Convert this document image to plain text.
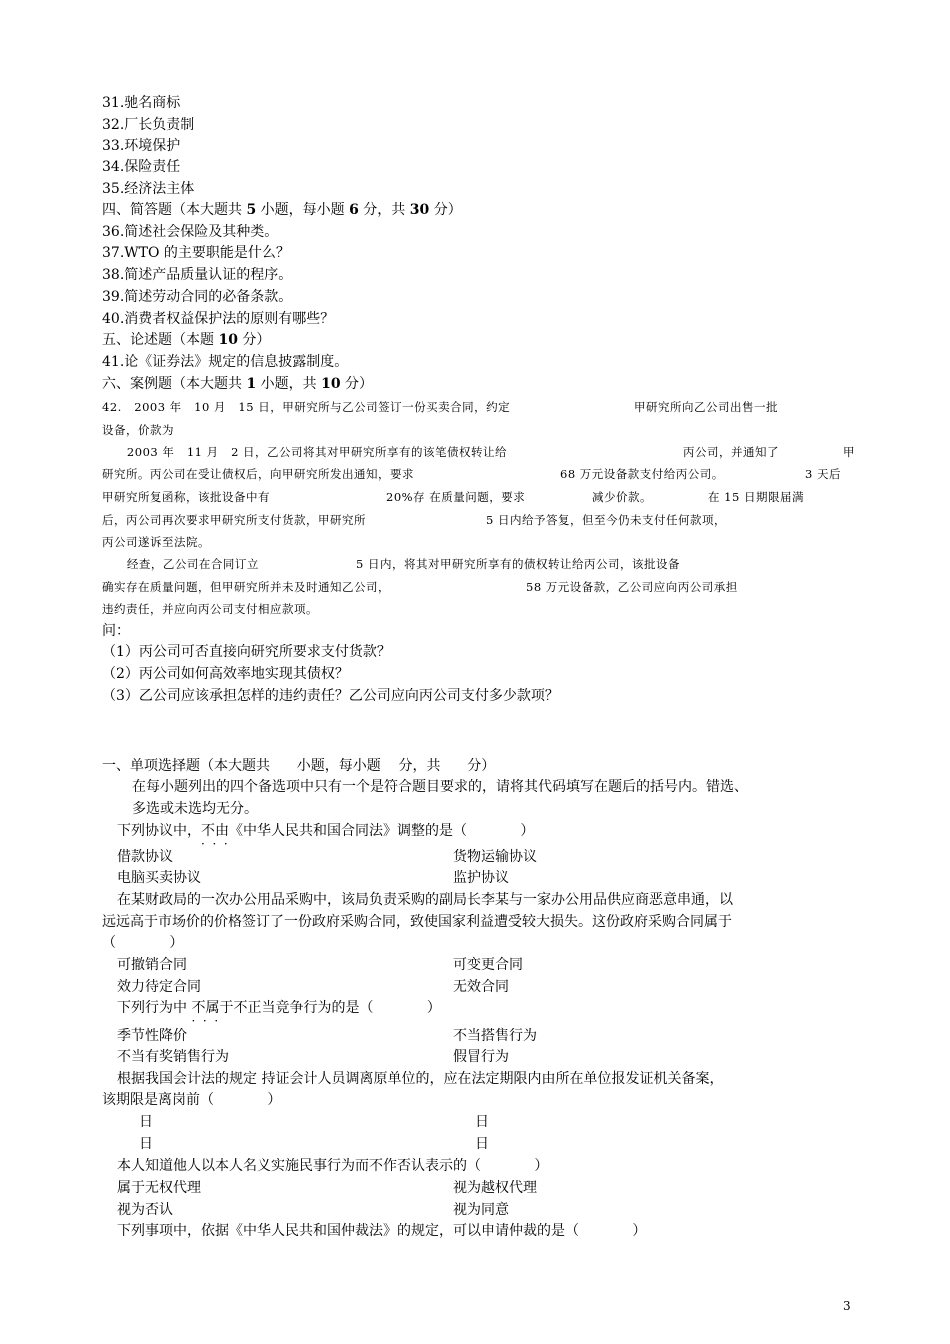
31.驰名商标
32.厂长负责制
33.环境保护
34.保险责任
35.经济法主体
四、简答题（本大题共 5 小题，每小题 6 分，共 30 分）
36.简述社会保险及其种类。
37.WTO 的主要职能是什么？
38.简述产品质量认证的程序。
39.简述劳动合同的必备条款。
40.消费者权益保护法的原则有哪些？
五、论述题（本题 10 分）
41.论《证券法》规定的信息披露制度。
六、案例题（本大题共 1 小题，共 10 分）
42.   2003 年   10 月   15 日，甲研究所与乙公司签订一份买卖合同，约定	甲研究所向乙公司出售一批
设备，价款为
2003 年   11 月   2 日，乙公司将其对甲研究所享有的该笔债权转让给	丙公司，并通知了	甲
研究所。丙公司在受让债权后，向甲研究所发出通知，要求	68 万元设备款支付给丙公司。	3 天后
甲研究所复函称，该批设备中有	20%存 在质量问题，要求	减少价款。	在 15 日期限届满
后，丙公司再次要求甲研究所支付货款，甲研究所	5 日内给予答复，但至今仍未支付任何款项，
丙公司遂诉至法院。
经查，乙公司在合同订立	5 日内，将其对甲研究所享有的债权转让给丙公司，该批设备
确实存在质量问题，但甲研究所并未及时通知乙公司，	58 万元设备款，乙公司应向丙公司承担
违约责任，并应向丙公司支付相应款项。
问：
（1）丙公司可否直接向研究所要求支付货款？
（2）丙公司如何高效率地实现其债权？
（3）乙公司应该承担怎样的违约责任？乙公司应向丙公司支付多少款项？
一、单项选择题（本大题共      小题，每小题    分，共      分）
在每小题列出的四个备选项中只有一个是符合题目要求的，请将其代码填写在题后的括号内。错选、
多选或未选均无分。
下列协议中，不由 ·  ·  ·《中华人民共和国合同法》调整的是（            ）
借款协议	货物运输协议
电脑买卖协议	监护协议
在某财政局的一次办公用品采购中，该局负责采购的副局长李某与一家办公用品供应商恶意串通，以
远远高于市场价的价格签订了一份政府采购合同，致使国家利益遭受较大损失。这份政府采购合同属于
（            ）
可撤销合同	可变更合同
效力待定合同	无效合同
下列行为中 不属于 ·  ·  ·不正当竞争行为的是（            ）
季节性降价	不当搭售行为
不当有奖销售行为	假冒行为
根据我国会计法的规定 持证会计人员调离原单位的，应在法定期限内由所在单位报发证机关备案，
该期限是离岗前（            ）
日	日
日	日
本人知道他人以本人名义实施民事行为而不作否认表示的（            ）
属于无权代理	视为越权代理
视为否认	视为同意
下列事项中，依据《中华人民共和国仲裁法》的规定，可以申请仲裁的是（            ）
3
